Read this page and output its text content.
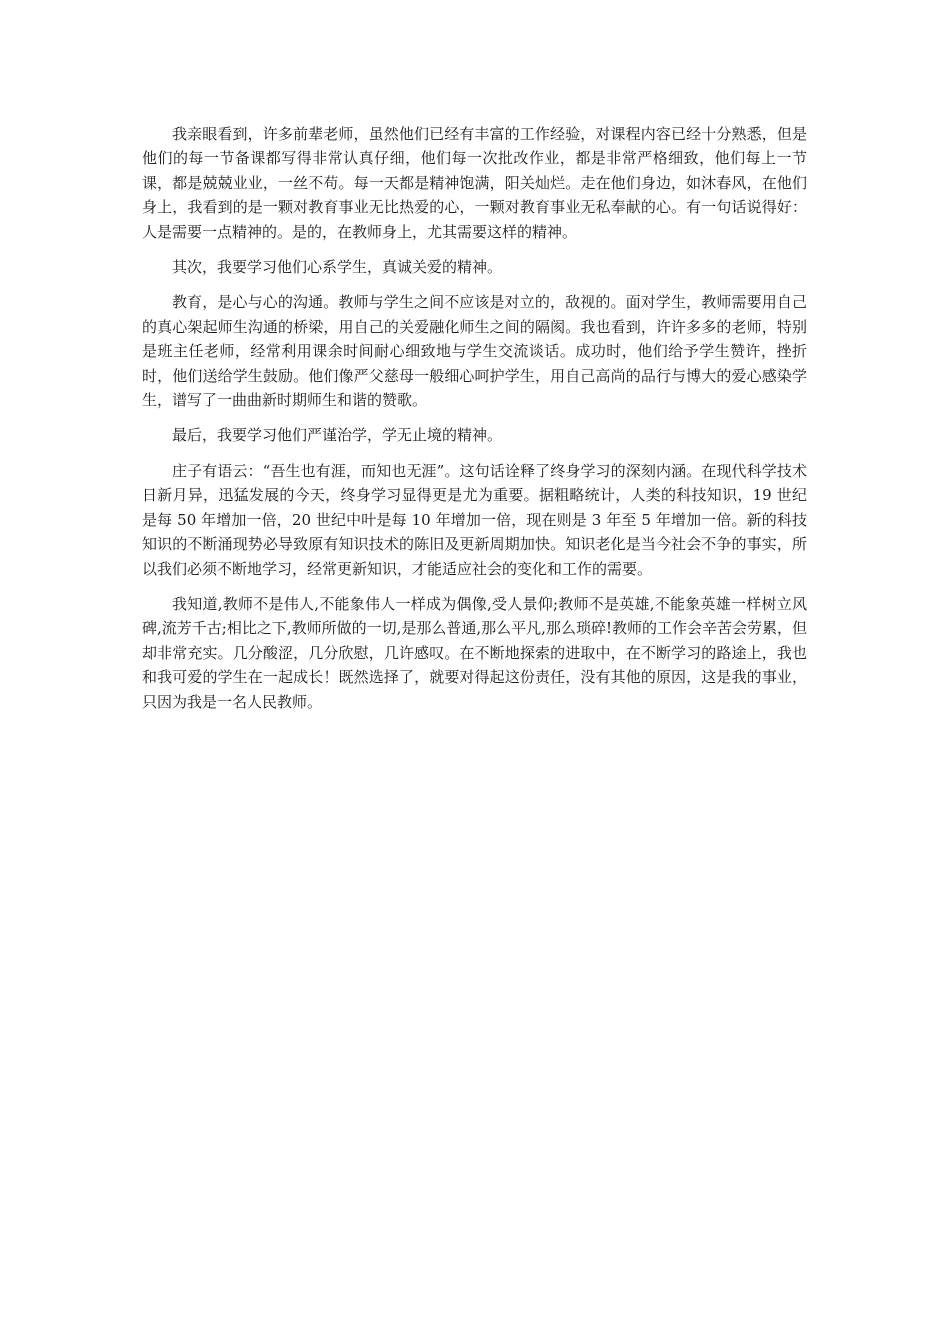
我亲眼看到，许多前辈老师，虽然他们已经有丰富的工作经验，对课程内容已经十分熟悉，但是他们的每一节备课都写得非常认真仔细，他们每一次批改作业，都是非常严格细致，他们每上一节课，都是兢兢业业，一丝不苟。每一天都是精神饱满，阳关灿烂。走在他们身边，如沐春风，在他们身上，我看到的是一颗对教育事业无比热爱的心，一颗对教育事业无私奉献的心。有一句话说得好：人是需要一点精神的。是的，在教师身上，尤其需要这样的精神。

其次，我要学习他们心系学生，真诚关爱的精神。

教育，是心与心的沟通。教师与学生之间不应该是对立的，敌视的。面对学生，教师需要用自己的真心架起师生沟通的桥梁，用自己的关爱融化师生之间的隔阂。我也看到，许许多多的老师，特别是班主任老师，经常利用课余时间耐心细致地与学生交流谈话。成功时，他们给予学生赞许，挫折时，他们送给学生鼓励。他们像严父慈母一般细心呵护学生，用自己高尚的品行与博大的爱心感染学生，谱写了一曲曲新时期师生和谐的赞歌。

最后，我要学习他们严谨治学，学无止境的精神。

庄子有语云：“吾生也有涯，而知也无涯”。这句话诠释了终身学习的深刻内涵。在现代科学技术日新月异，迅猛发展的今天，终身学习显得更是尤为重要。据粗略统计，人类的科技知识，19 世纪是每 50 年增加一倍，20 世纪中叶是每 10 年增加一倍，现在则是 3 年至 5 年增加一倍。新的科技知识的不断涌现势必导致原有知识技术的陈旧及更新周期加快。知识老化是当今社会不争的事实，所以我们必须不断地学习，经常更新知识，才能适应社会的变化和工作的需要。

我知道,教师不是伟人,不能象伟人一样成为偶像,受人景仰;教师不是英雄,不能象英雄一样树立风碑,流芳千古;相比之下,教师所做的一切,是那么普通,那么平凡,那么琐碎!教师的工作会辛苦会劳累，但却非常充实。几分酸涩，几分欣慰，几许感叹。在不断地探索的进取中，在不断学习的路途上，我也和我可爱的学生在一起成长！既然选择了，就要对得起这份责任，没有其他的原因，这是我的事业，只因为我是一名人民教师。
